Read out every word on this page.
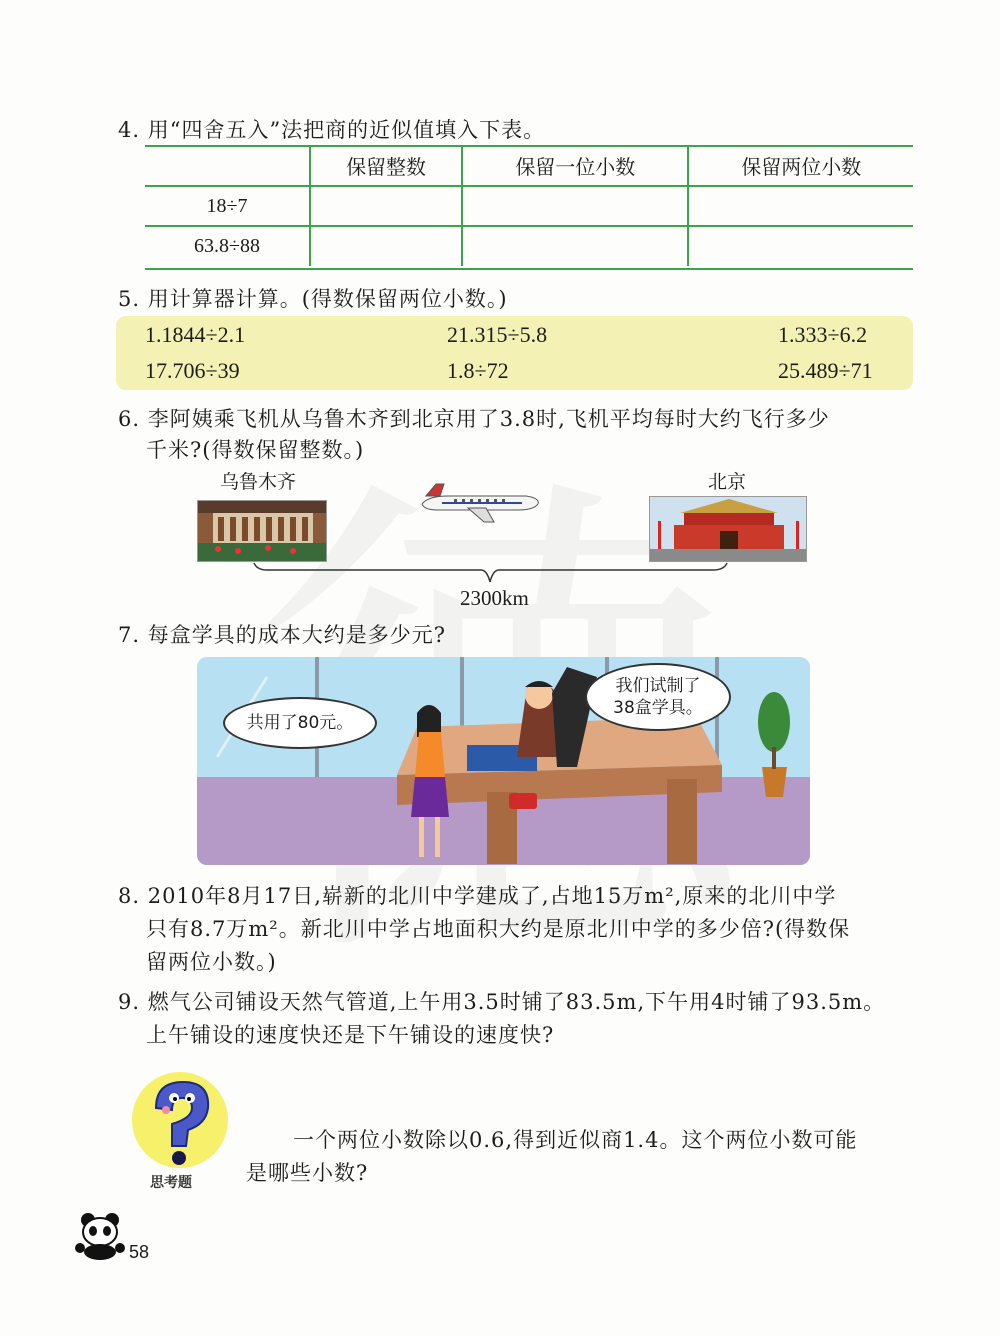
4. 用“四舍五入”法把商的近似值填入下表。
	保留整数	保留一位小数	保留两位小数
18÷7			
63.8÷88			
5. 用计算器计算。(得数保留两位小数。)
1.1844÷2.1	21.315÷5.8	1.333÷6.2
17.706÷39	1.8÷72	25.489÷71
6. 李阿姨乘飞机从乌鲁木齐到北京用了3.8时,飞机平均每时大约飞行多少
千米?(得数保留整数。)
乌鲁木齐	北京
2300km
7. 每盒学具的成本大约是多少元?
共用了80元。
我们试制了
38盒学具。
8. 2010年8月17日,崭新的北川中学建成了,占地15万m²,原来的北川中学
只有8.7万m²。新北川中学占地面积大约是原北川中学的多少倍?(得数保
留两位小数。)
9. 燃气公司铺设天然气管道,上午用3.5时铺了83.5m,下午用4时铺了93.5m。
上午铺设的速度快还是下午铺设的速度快?
思考题
一个两位小数除以0.6,得到近似商1.4。这个两位小数可能
是哪些小数?
58
